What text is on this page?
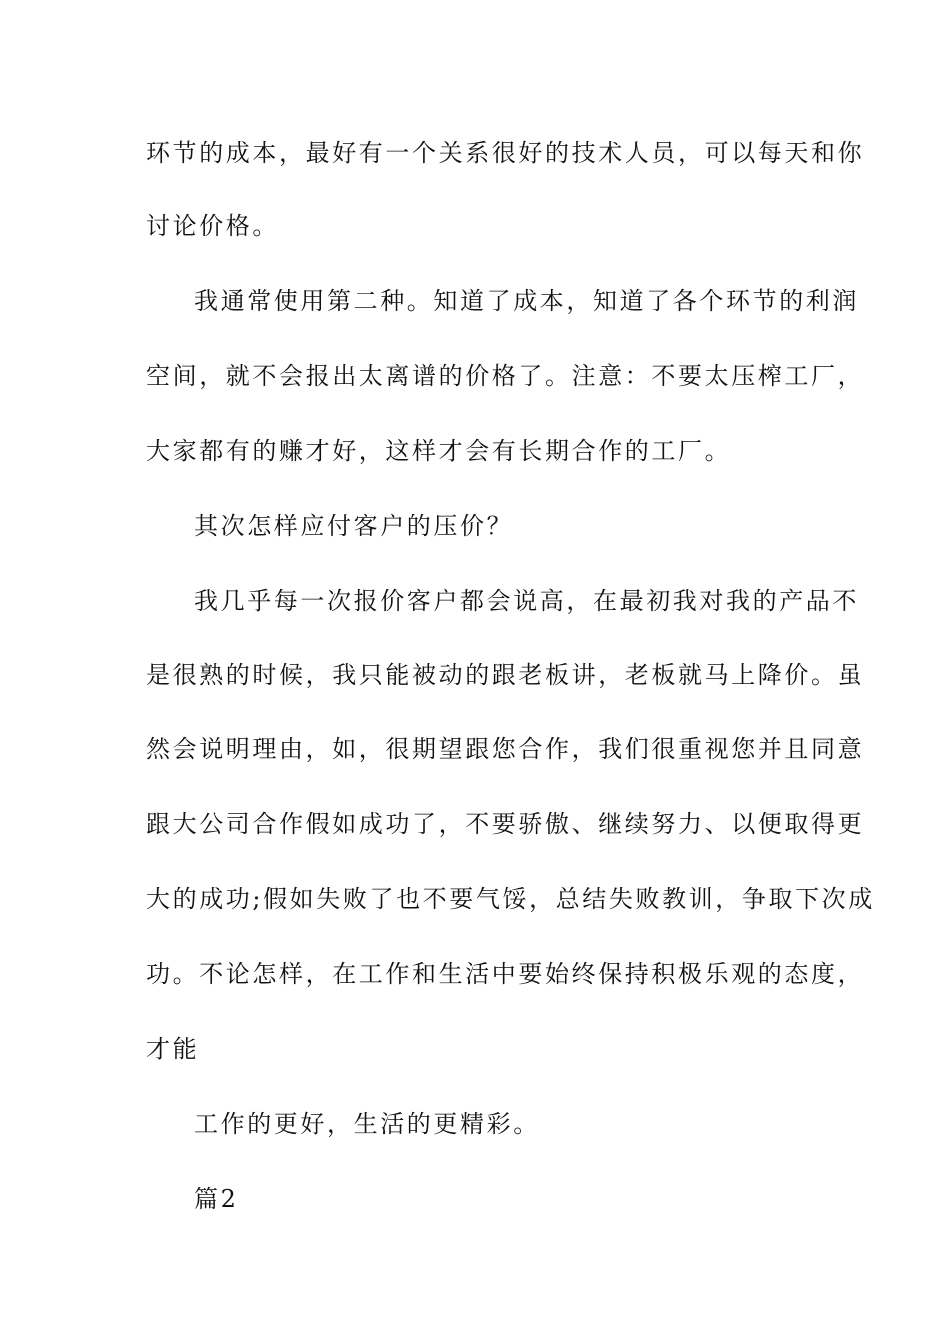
环节的成本，最好有一个关系很好的技术人员，可以每天和你
讨论价格。
我通常使用第二种。知道了成本，知道了各个环节的利润
空间，就不会报出太离谱的价格了。注意：不要太压榨工厂，
大家都有的赚才好，这样才会有长期合作的工厂。
其次怎样应付客户的压价？
我几乎每一次报价客户都会说高，在最初我对我的产品不
是很熟的时候，我只能被动的跟老板讲，老板就马上降价。虽
然会说明理由，如，很期望跟您合作，我们很重视您并且同意
跟大公司合作假如成功了，不要骄傲、继续努力、以便取得更
大的成功;假如失败了也不要气馁，总结失败教训，争取下次成
功。不论怎样，在工作和生活中要始终保持积极乐观的态度，
才能
工作的更好，生活的更精彩。
篇2
